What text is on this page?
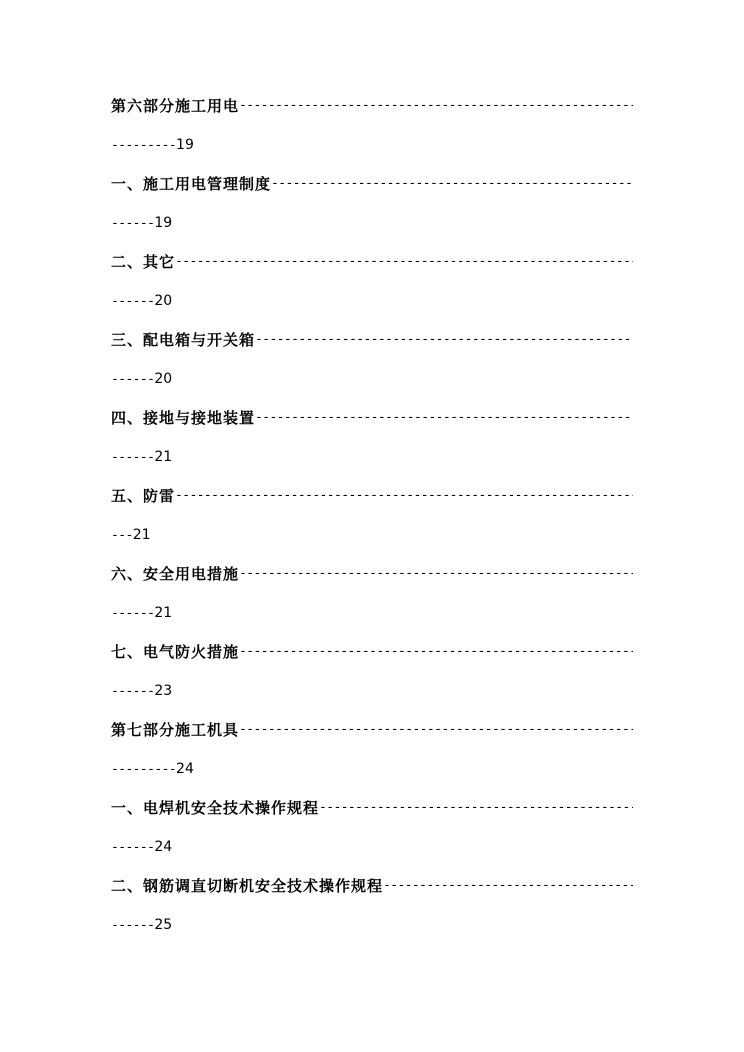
第六部分施工用电
-----
---------19
一、施工用电管理制度
-----
------19
二、其它
-----
------20
三、配电箱与开关箱
-----
------20
四、接地与接地装置
-----
------21
五、防雷
-----
---21
六、安全用电措施
-----
------21
七、电气防火措施
-----
------23
第七部分施工机具
-----
---------24
一、电焊机安全技术操作规程
-----
------24
二、钢筋调直切断机安全技术操作规程
-----
------25
